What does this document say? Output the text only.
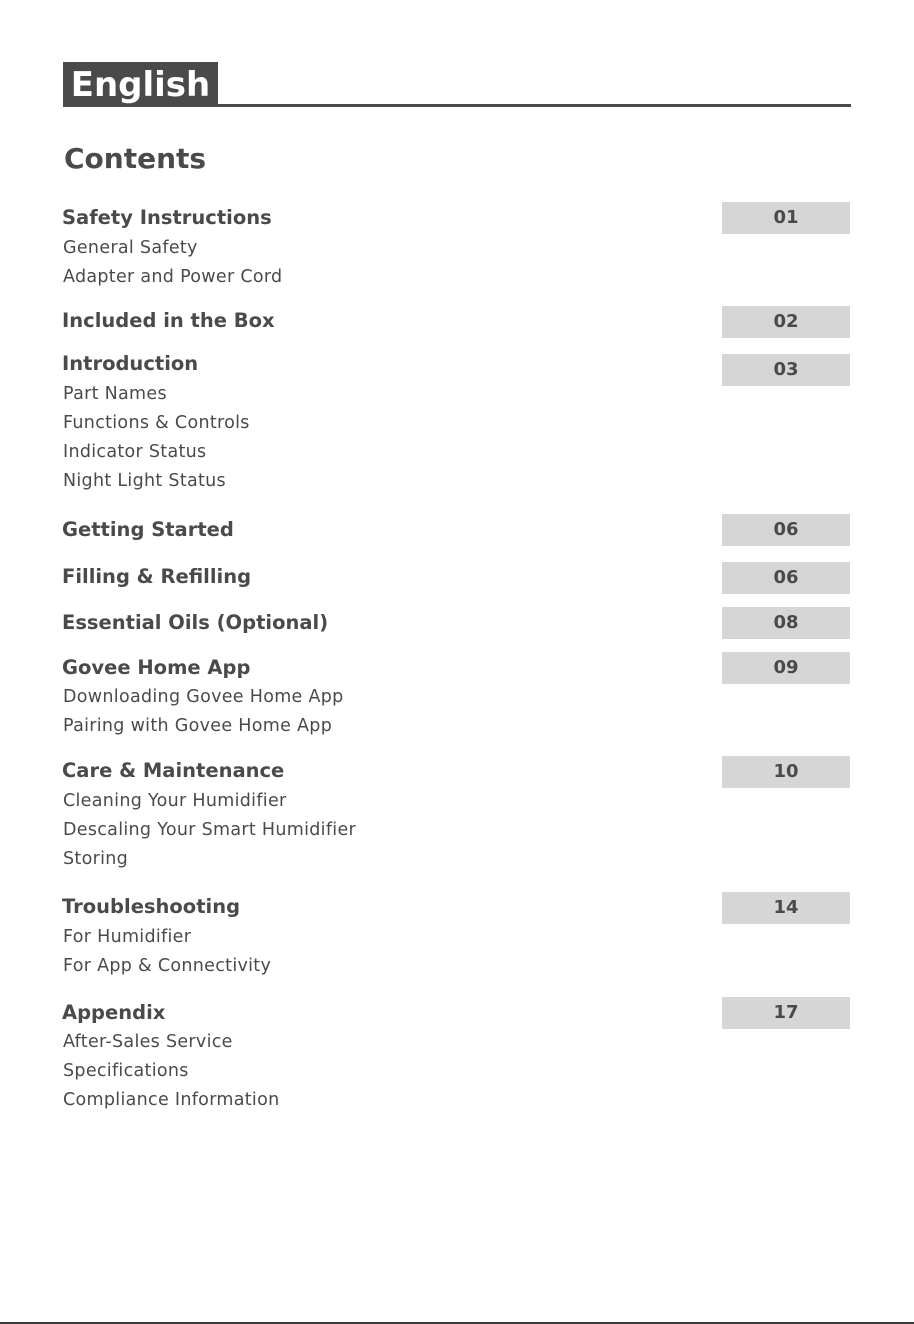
English
Contents
Safety Instructions	01
General Safety
Adapter and Power Cord
Included in the Box	02
Introduction	03
Part Names
Functions & Controls
Indicator Status
Night Light Status
Getting Started	06
Filling & Refilling	06
Essential Oils (Optional)	08
Govee Home App	09
Downloading Govee Home App
Pairing with Govee Home App
Care & Maintenance	10
Cleaning Your Humidifier
Descaling Your Smart Humidifier
Storing
Troubleshooting	14
For Humidifier
For App & Connectivity
Appendix	17
After-Sales Service
Specifications
Compliance Information
